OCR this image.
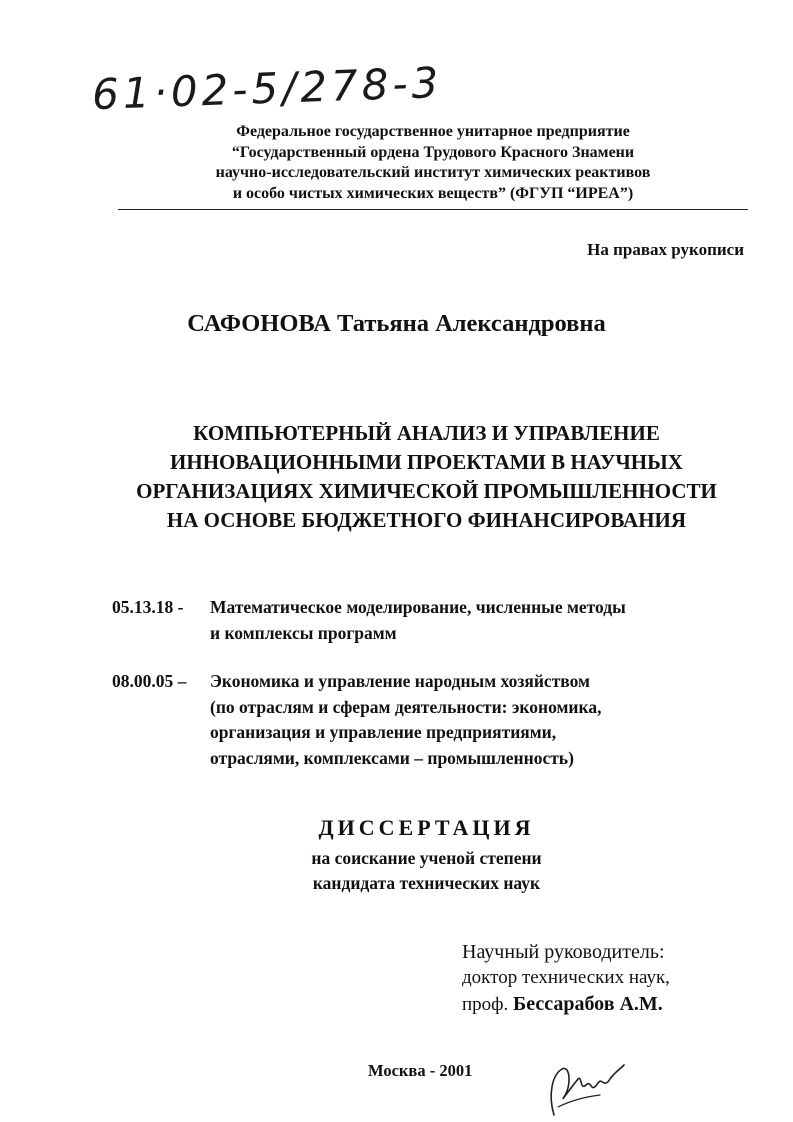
61·02-5/278-3
Федеральное государственное унитарное предприятие
“Государственный ордена Трудового Красного Знамени
научно-исследовательский институт химических реактивов
и особо чистых химических веществ” (ФГУП “ИРЕА”)
На правах рукописи
САФОНОВА Татьяна Александровна
КОМПЬЮТЕРНЫЙ АНАЛИЗ И УПРАВЛЕНИЕ
ИННОВАЦИОННЫМИ ПРОЕКТАМИ В НАУЧНЫХ
ОРГАНИЗАЦИЯХ ХИМИЧЕСКОЙ ПРОМЫШЛЕННОСТИ
НА ОСНОВЕ БЮДЖЕТНОГО ФИНАНСИРОВАНИЯ
05.13.18 - Математическое моделирование, численные методы
и комплексы программ
08.00.05 – Экономика и управление народным хозяйством
(по отраслям и сферам деятельности: экономика,
организация и управление предприятиями,
отраслями, комплексами – промышленность)
ДИССЕРТАЦИЯ
на соискание ученой степени
кандидата технических наук
Научный руководитель:
доктор технических наук,
проф. Бессарабов А.М.
Москва - 2001
